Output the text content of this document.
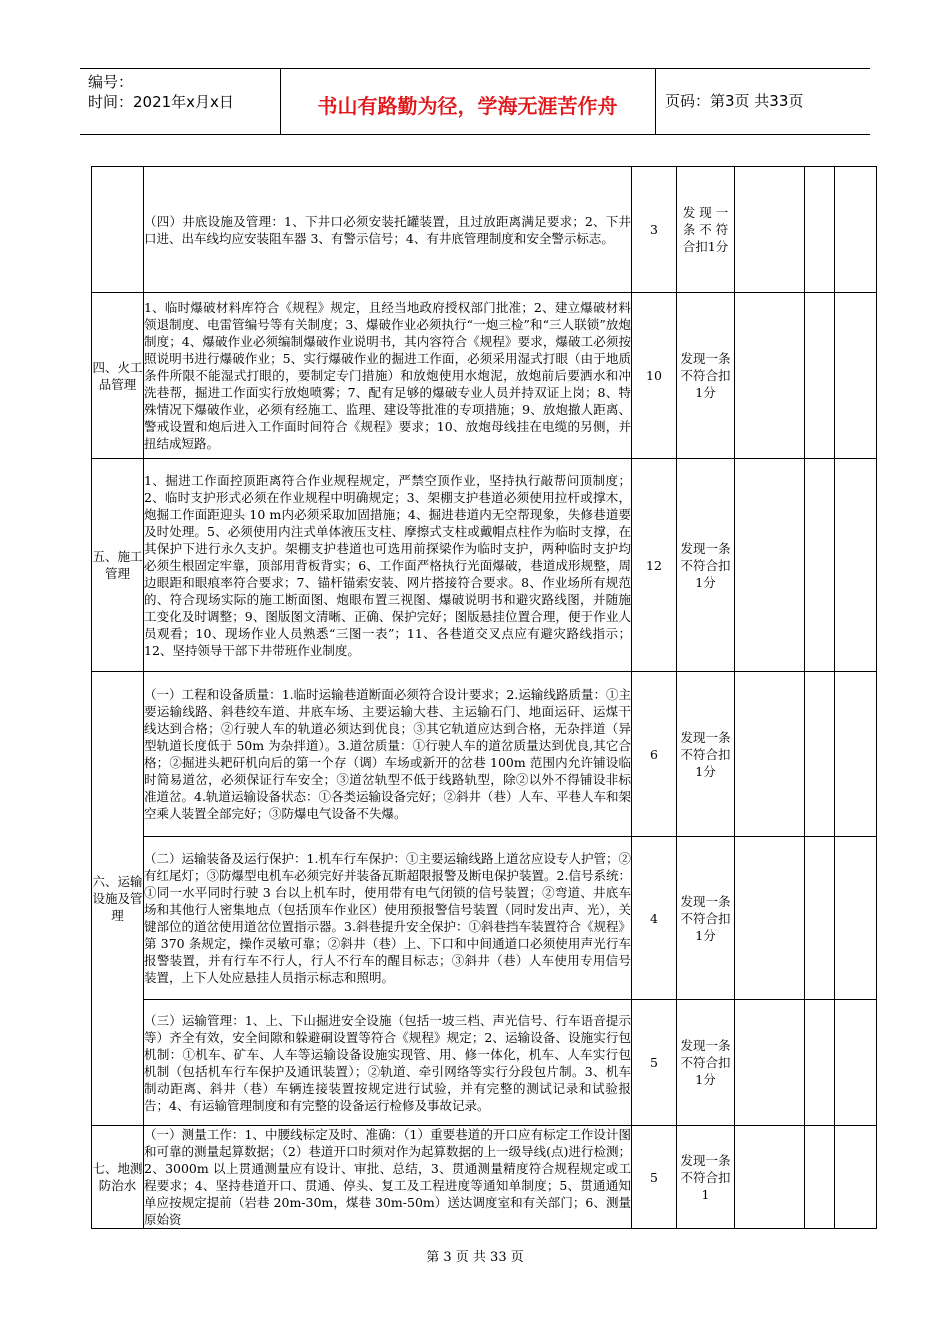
编号：
时间：2021年x月x日	书山有路勤为径，学海无涯苦作舟	页码：第3页 共33页
	（四）井底设施及管理：1、下井口必须安装托罐装置，且过放距离满足要求；2、下井口进、出车线均应安装阻车器 3、有警示信号；4、有井底管理制度和安全警示标志。	3	发 现 一 条 不 符 合扣1分			
四、火工品管理	1、临时爆破材料库符合《规程》规定，且经当地政府授权部门批准；2、建立爆破材料领退制度、电雷管编号等有关制度；3、爆破作业必须执行“一炮三检”和“三人联锁”放炮制度；4、爆破作业必须编制爆破作业说明书，其内容符合《规程》要求，爆破工必须按照说明书进行爆破作业；5、实行爆破作业的掘进工作面，必须采用湿式打眼（由于地质条件所限不能湿式打眼的，要制定专门措施）和放炮使用水炮泥，放炮前后要洒水和冲洗巷帮，掘进工作面实行放炮喷雾；7、配有足够的爆破专业人员并持双证上岗；8、特殊情况下爆破作业，必须有经施工、监理、建设等批准的专项措施；9、放炮撤人距离、警戒设置和炮后进入工作面时间符合《规程》要求；10、放炮母线挂在电缆的另侧，并扭结成短路。	10	发现一条不符合扣1分			
五、施工管理	1、掘进工作面控顶距离符合作业规程规定，严禁空顶作业，坚持执行敲帮问顶制度； 2、临时支护形式必须在作业规程中明确规定；3、架棚支护巷道必须使用拉杆或撑木，炮掘工作面距迎头 10 m内必须采取加固措施；4、掘进巷道内无空帮现象，失修巷道要及时处理。5、必须使用内注式单体液压支柱、摩擦式支柱或戴帽点柱作为临时支撑，在其保护下进行永久支护。架棚支护巷道也可选用前探梁作为临时支护，两种临时支护均必须生根固定牢靠，顶部用背板背实；6、工作面严格执行光面爆破，巷道成形规整，周边眼距和眼痕率符合要求；7、锚杆锚索安装、网片搭接符合要求。8、作业场所有规范的、符合现场实际的施工断面图、炮眼布置三视图、爆破说明书和避灾路线图，并随施工变化及时调整；9、图版图文清晰、正确、保护完好；图版悬挂位置合理，便于作业人员观看；10、现场作业人员熟悉“三图一表”；11、各巷道交叉点应有避灾路线指示；12、坚持领导干部下井带班作业制度。	12	发现一条不符合扣1分			
六、运输设施及管理	（一）工程和设备质量：1.临时运输巷道断面必须符合设计要求；2.运输线路质量：①主要运输线路、斜巷绞车道、井底车场、主要运输大巷、主运输石门、地面运矸、运煤干线达到合格；②行驶人车的轨道必须达到优良；③其它轨道应达到合格，无杂拌道（异型轨道长度低于 50m 为杂拌道）。3.道岔质量：①行驶人车的道岔质量达到优良,其它合格；②掘进头耙矸机向后的第一个存（调）车场或新开的岔巷 100m 范围内允许铺设临时简易道岔，必须保证行车安全；③道岔轨型不低于线路轨型，除②以外不得铺设非标准道岔。4.轨道运输设备状态：①各类运输设备完好；②斜井（巷）人车、平巷人车和架空乘人装置全部完好；③防爆电气设备不失爆。	6	发现一条不符合扣1分			
	（二）运输装备及运行保护：1.机车行车保护：①主要运输线路上道岔应设专人护管；②有红尾灯；③防爆型电机车必须完好并装备瓦斯超限报警及断电保护装置。2.信号系统：①同一水平同时行驶 3 台以上机车时，使用带有电气闭锁的信号装置；②弯道、井底车场和其他行人密集地点（包括顶车作业区）使用预报警信号装置（同时发出声、光），关键部位的道岔使用道岔位置指示器。3.斜巷提升安全保护：①斜巷挡车装置符合《规程》第 370 条规定，操作灵敏可靠；②斜井（巷）上、下口和中间通道口必须使用声光行车报警装置，并有行车不行人，行人不行车的醒目标志；③斜井（巷）人车使用专用信号装置，上下人处应悬挂人员指示标志和照明。	4	发现一条不符合扣1分			
	（三）运输管理：1、上、下山掘进安全设施（包括一坡三档、声光信号、行车语音提示等）齐全有效，安全间隙和躲避硐设置等符合《规程》规定；2、运输设备、设施实行包机制：①机车、矿车、人车等运输设备设施实现管、用、修一体化，机车、人车实行包机制（包括机车行车保护及通讯装置）；②轨道、牵引网络等实行分段包片制。3、机车制动距离、斜井（巷）车辆连接装置按规定进行试验，并有完整的测试记录和试验报告；4、有运输管理制度和有完整的设备运行检修及事故记录。	5	发现一条不符合扣1分			
七、地测防治水	（一）测量工作：1、中腰线标定及时、准确：（1）重要巷道的开口应有标定工作设计图和可靠的测量起算数据；（2）巷道开口时须对作为起算数据的上一级导线(点)进行检测；2、3000m 以上贯通测量应有设计、审批、总结，3、贯通测量精度符合规程规定或工程要求；4、坚持巷道开口、贯通、停头、复工及工程进度等通知单制度；5、贯通通知单应按规定提前（岩巷 20m-30m，煤巷 30m-50m）送达调度室和有关部门；6、测量原始资	5	发现一条不符合扣1			
第 3 页 共 33 页
